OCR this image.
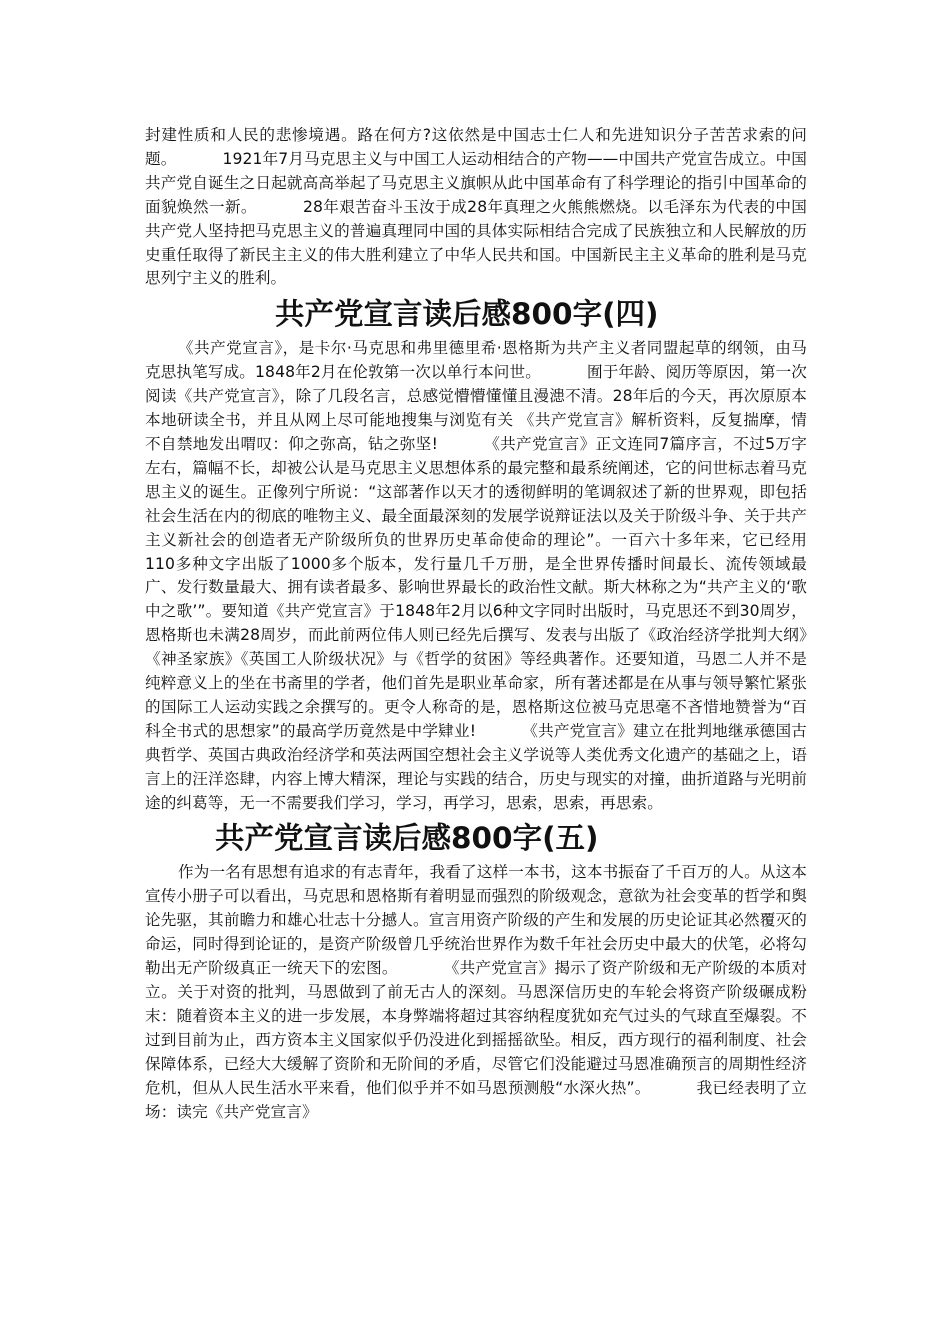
封建性质和人民的悲惨境遇。路在何方?这依然是中国志士仁人和先进知识分子苦苦求索的问题。	1921年7月马克思主义与中国工人运动相结合的产物——中国共产党宣告成立。中国共产党自诞生之日起就高高举起了马克思主义旗帜从此中国革命有了科学理论的指引中国革命的面貌焕然一新。	28年艰苦奋斗玉汝于成28年真理之火熊熊燃烧。以毛泽东为代表的中国共产党人坚持把马克思主义的普遍真理同中国的具体实际相结合完成了民族独立和人民解放的历史重任取得了新民主主义的伟大胜利建立了中华人民共和国。中国新民主主义革命的胜利是马克思列宁主义的胜利。

共产党宣言读后感800字(四)

《共产党宣言》，是卡尔·马克思和弗里德里希·恩格斯为共产主义者同盟起草的纲领，由马克思执笔写成。1848年2月在伦敦第一次以单行本问世。	囿于年龄、阅历等原因，第一次阅读《共产党宣言》，除了几段名言，总感觉懵懵懂懂且漫漶不清。28年后的今天，再次原原本本地研读全书，并且从网上尽可能地搜集与浏览有关 《共产党宣言》解析资料，反复揣摩，情不自禁地发出喟叹：仰之弥高，钻之弥坚!	《共产党宣言》正文连同7篇序言，不过5万字左右，篇幅不长，却被公认是马克思主义思想体系的最完整和最系统阐述，它的问世标志着马克思主义的诞生。正像列宁所说：“这部著作以天才的透彻鲜明的笔调叙述了新的世界观，即包括社会生活在内的彻底的唯物主义、最全面最深刻的发展学说辩证法以及关于阶级斗争、关于共产主义新社会的创造者无产阶级所负的世界历史革命使命的理论”。一百六十多年来，它已经用110多种文字出版了1000多个版本，发行量几千万册，是全世界传播时间最长、流传领域最广、发行数量最大、拥有读者最多、影响世界最长的政治性文献。斯大林称之为“共产主义的‘歌中之歌’”。要知道《共产党宣言》于1848年2月以6种文字同时出版时，马克思还不到30周岁，恩格斯也未满28周岁，而此前两位伟人则已经先后撰写、发表与出版了《政治经济学批判大纲》《神圣家族》《英国工人阶级状况》与《哲学的贫困》等经典著作。还要知道，马恩二人并不是纯粹意义上的坐在书斋里的学者，他们首先是职业革命家，所有著述都是在从事与领导繁忙紧张的国际工人运动实践之余撰写的。更令人称奇的是，恩格斯这位被马克思毫不吝惜地赞誉为“百科全书式的思想家”的最高学历竟然是中学肄业!	《共产党宣言》建立在批判地继承德国古典哲学、英国古典政治经济学和英法两国空想社会主义学说等人类优秀文化遗产的基础之上，语言上的汪洋恣肆，内容上博大精深，理论与实践的结合，历史与现实的对撞，曲折道路与光明前途的纠葛等，无一不需要我们学习，学习，再学习，思索，思索，再思索。

共产党宣言读后感800字(五)

作为一名有思想有追求的有志青年，我看了这样一本书，这本书振奋了千百万的人。从这本宣传小册子可以看出，马克思和恩格斯有着明显而强烈的阶级观念，意欲为社会变革的哲学和舆论先驱，其前瞻力和雄心壮志十分撼人。宣言用资产阶级的产生和发展的历史论证其必然覆灭的命运，同时得到论证的，是资产阶级曾几乎统治世界作为数千年社会历史中最大的伏笔，必将勾勒出无产阶级真正一统天下的宏图。	《共产党宣言》揭示了资产阶级和无产阶级的本质对立。关于对资的批判，马恩做到了前无古人的深刻。马恩深信历史的车轮会将资产阶级碾成粉末：随着资本主义的进一步发展，本身弊端将超过其容纳程度犹如充气过头的气球直至爆裂。不过到目前为止，西方资本主义国家似乎仍没进化到摇摇欲坠。相反，西方现行的福利制度、社会保障体系，已经大大缓解了资阶和无阶间的矛盾，尽管它们没能避过马恩准确预言的周期性经济危机，但从人民生活水平来看，他们似乎并不如马恩预测般“水深火热”。	我已经表明了立场：读完《共产党宣言》
